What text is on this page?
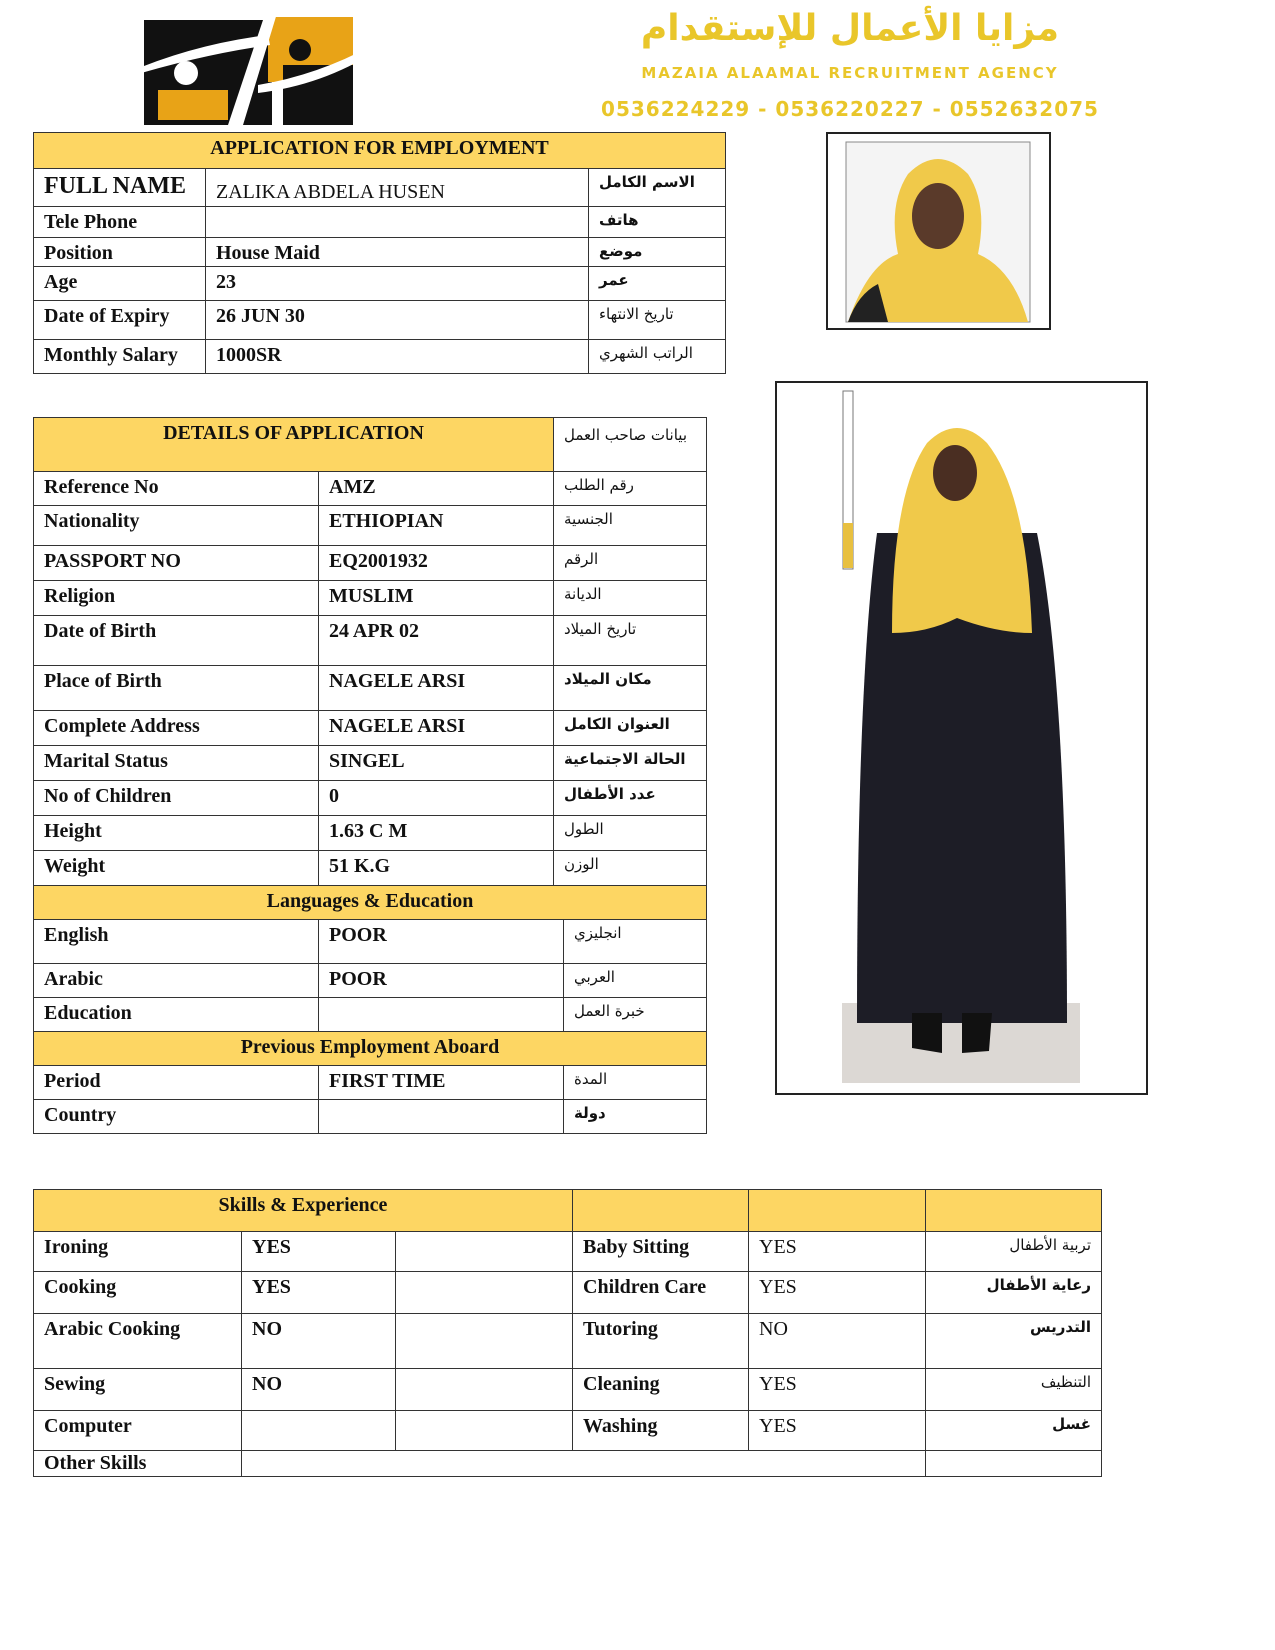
مزايا الأعمال للإستقدام
MAZAIA ALAAMAL RECRUITMENT AGENCY
0536224229 - 0536220227 - 0552632075
APPLICATION FOR EMPLOYMENT		
FULL NAME	ZALIKA ABDELA HUSEN	الاسم الكامل
Tele Phone		هاتف
Position	House Maid	موضع
Age	23	عمر
Date of Expiry	26 JUN 30	تاريخ الانتهاء
Monthly Salary	1000SR	الراتب الشهري
DETAILS OF APPLICATION		بيانات صاحب العمل	
Reference No	AMZ	رقم الطلب	
Nationality	ETHIOPIAN	الجنسية	
PASSPORT NO	EQ2001932	الرقم	
Religion	MUSLIM	الديانة	
Date of Birth	24 APR 02	تاريخ الميلاد	
Place of Birth	NAGELE ARSI	مكان الميلاد	
Complete Address	NAGELE ARSI	العنوان الكامل	
Marital Status	SINGEL	الحالة الاجتماعية	
No of Children	0	عدد الأطفال	
Height	1.63 C M	الطول	
Weight	51 K.G	الوزن	
Languages & Education			
English	POOR		انجليزي
Arabic	POOR		العربي
Education			خبرة العمل
Previous Employment Aboard			
Period	FIRST TIME		المدة
Country			دولة
Skills & Experience					
Ironing	YES		Baby Sitting	YES	تربية الأطفال
Cooking	YES		Children Care	YES	رعاية الأطفال
Arabic Cooking	NO		Tutoring	NO	التدريس
Sewing	NO		Cleaning	YES	التنظيف
Computer			Washing	YES	غسل
Other Skills					
